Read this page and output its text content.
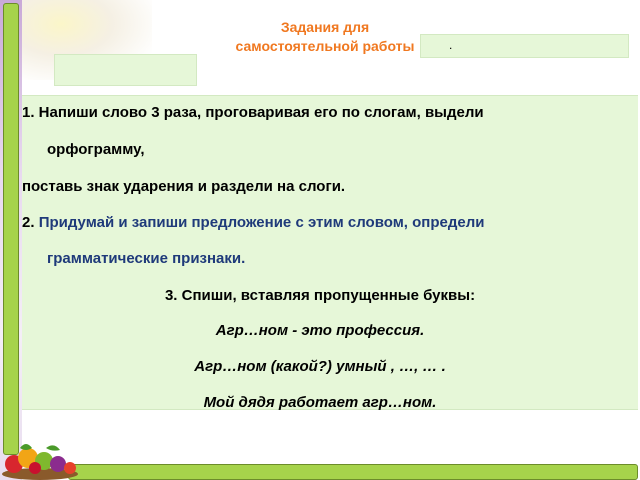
Задания для
самостоятельной работы	.
1. Напиши слово 3 раза, проговаривая его по слогам, выдели
орфограмму,
поставь знак ударения и раздели на слоги.
2. Придумай и запиши предложение с этим словом, определи
грамматические признаки.
3. Спиши, вставляя пропущенные буквы:
Агр…ном - это профессия.
Агр…ном (какой?) умный , …, … .
Мой дядя работает агр…ном.
